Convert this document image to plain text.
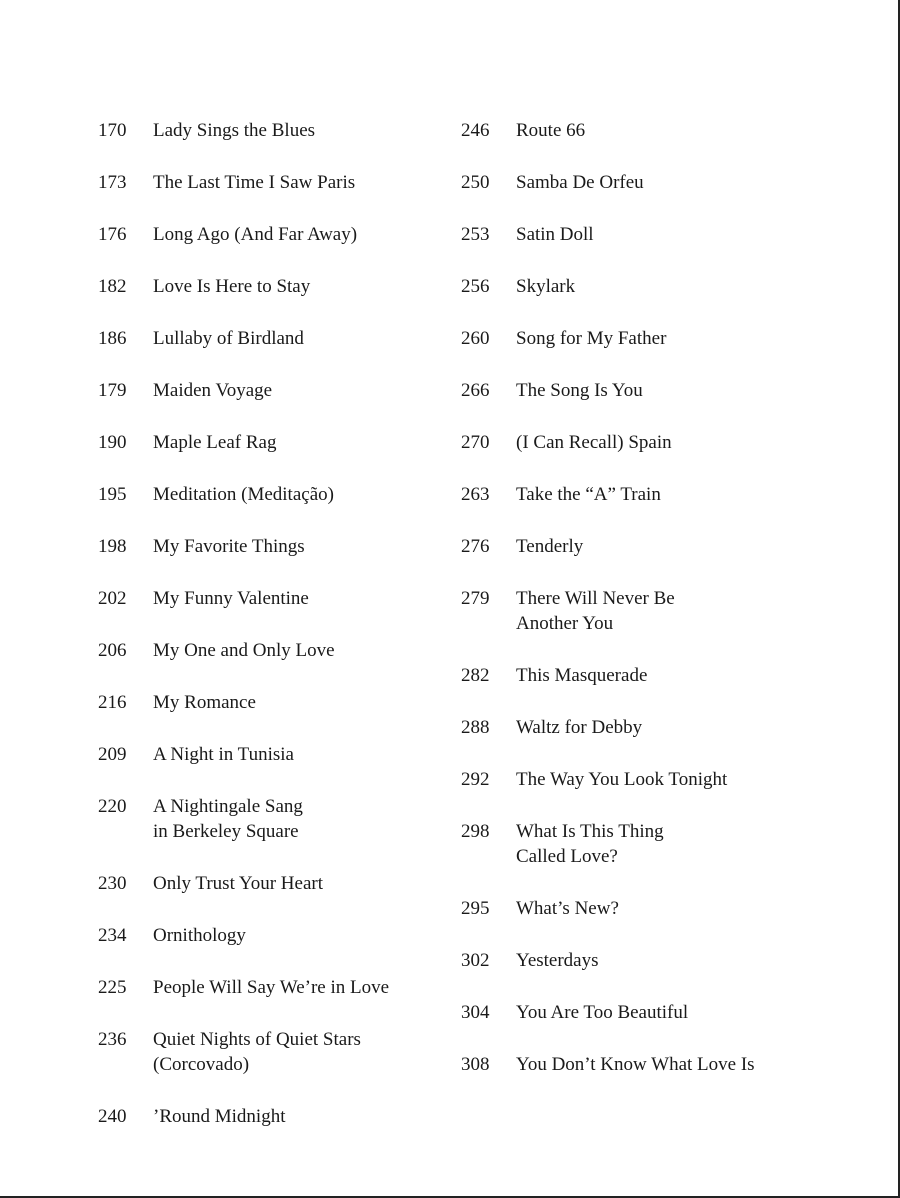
170	Lady Sings the Blues
173	The Last Time I Saw Paris
176	Long Ago (And Far Away)
182	Love Is Here to Stay
186	Lullaby of Birdland
179	Maiden Voyage
190	Maple Leaf Rag
195	Meditation (Meditação)
198	My Favorite Things
202	My Funny Valentine
206	My One and Only Love
216	My Romance
209	A Night in Tunisia
220	A Nightingale Sang
in Berkeley Square
230	Only Trust Your Heart
234	Ornithology
225	People Will Say We’re in Love
236	Quiet Nights of Quiet Stars
(Corcovado)
240	’Round Midnight
246	Route 66
250	Samba De Orfeu
253	Satin Doll
256	Skylark
260	Song for My Father
266	The Song Is You
270	(I Can Recall) Spain
263	Take the “A” Train
276	Tenderly
279	There Will Never Be
Another You
282	This Masquerade
288	Waltz for Debby
292	The Way You Look Tonight
298	What Is This Thing
Called Love?
295	What’s New?
302	Yesterdays
304	You Are Too Beautiful
308	You Don’t Know What Love Is
